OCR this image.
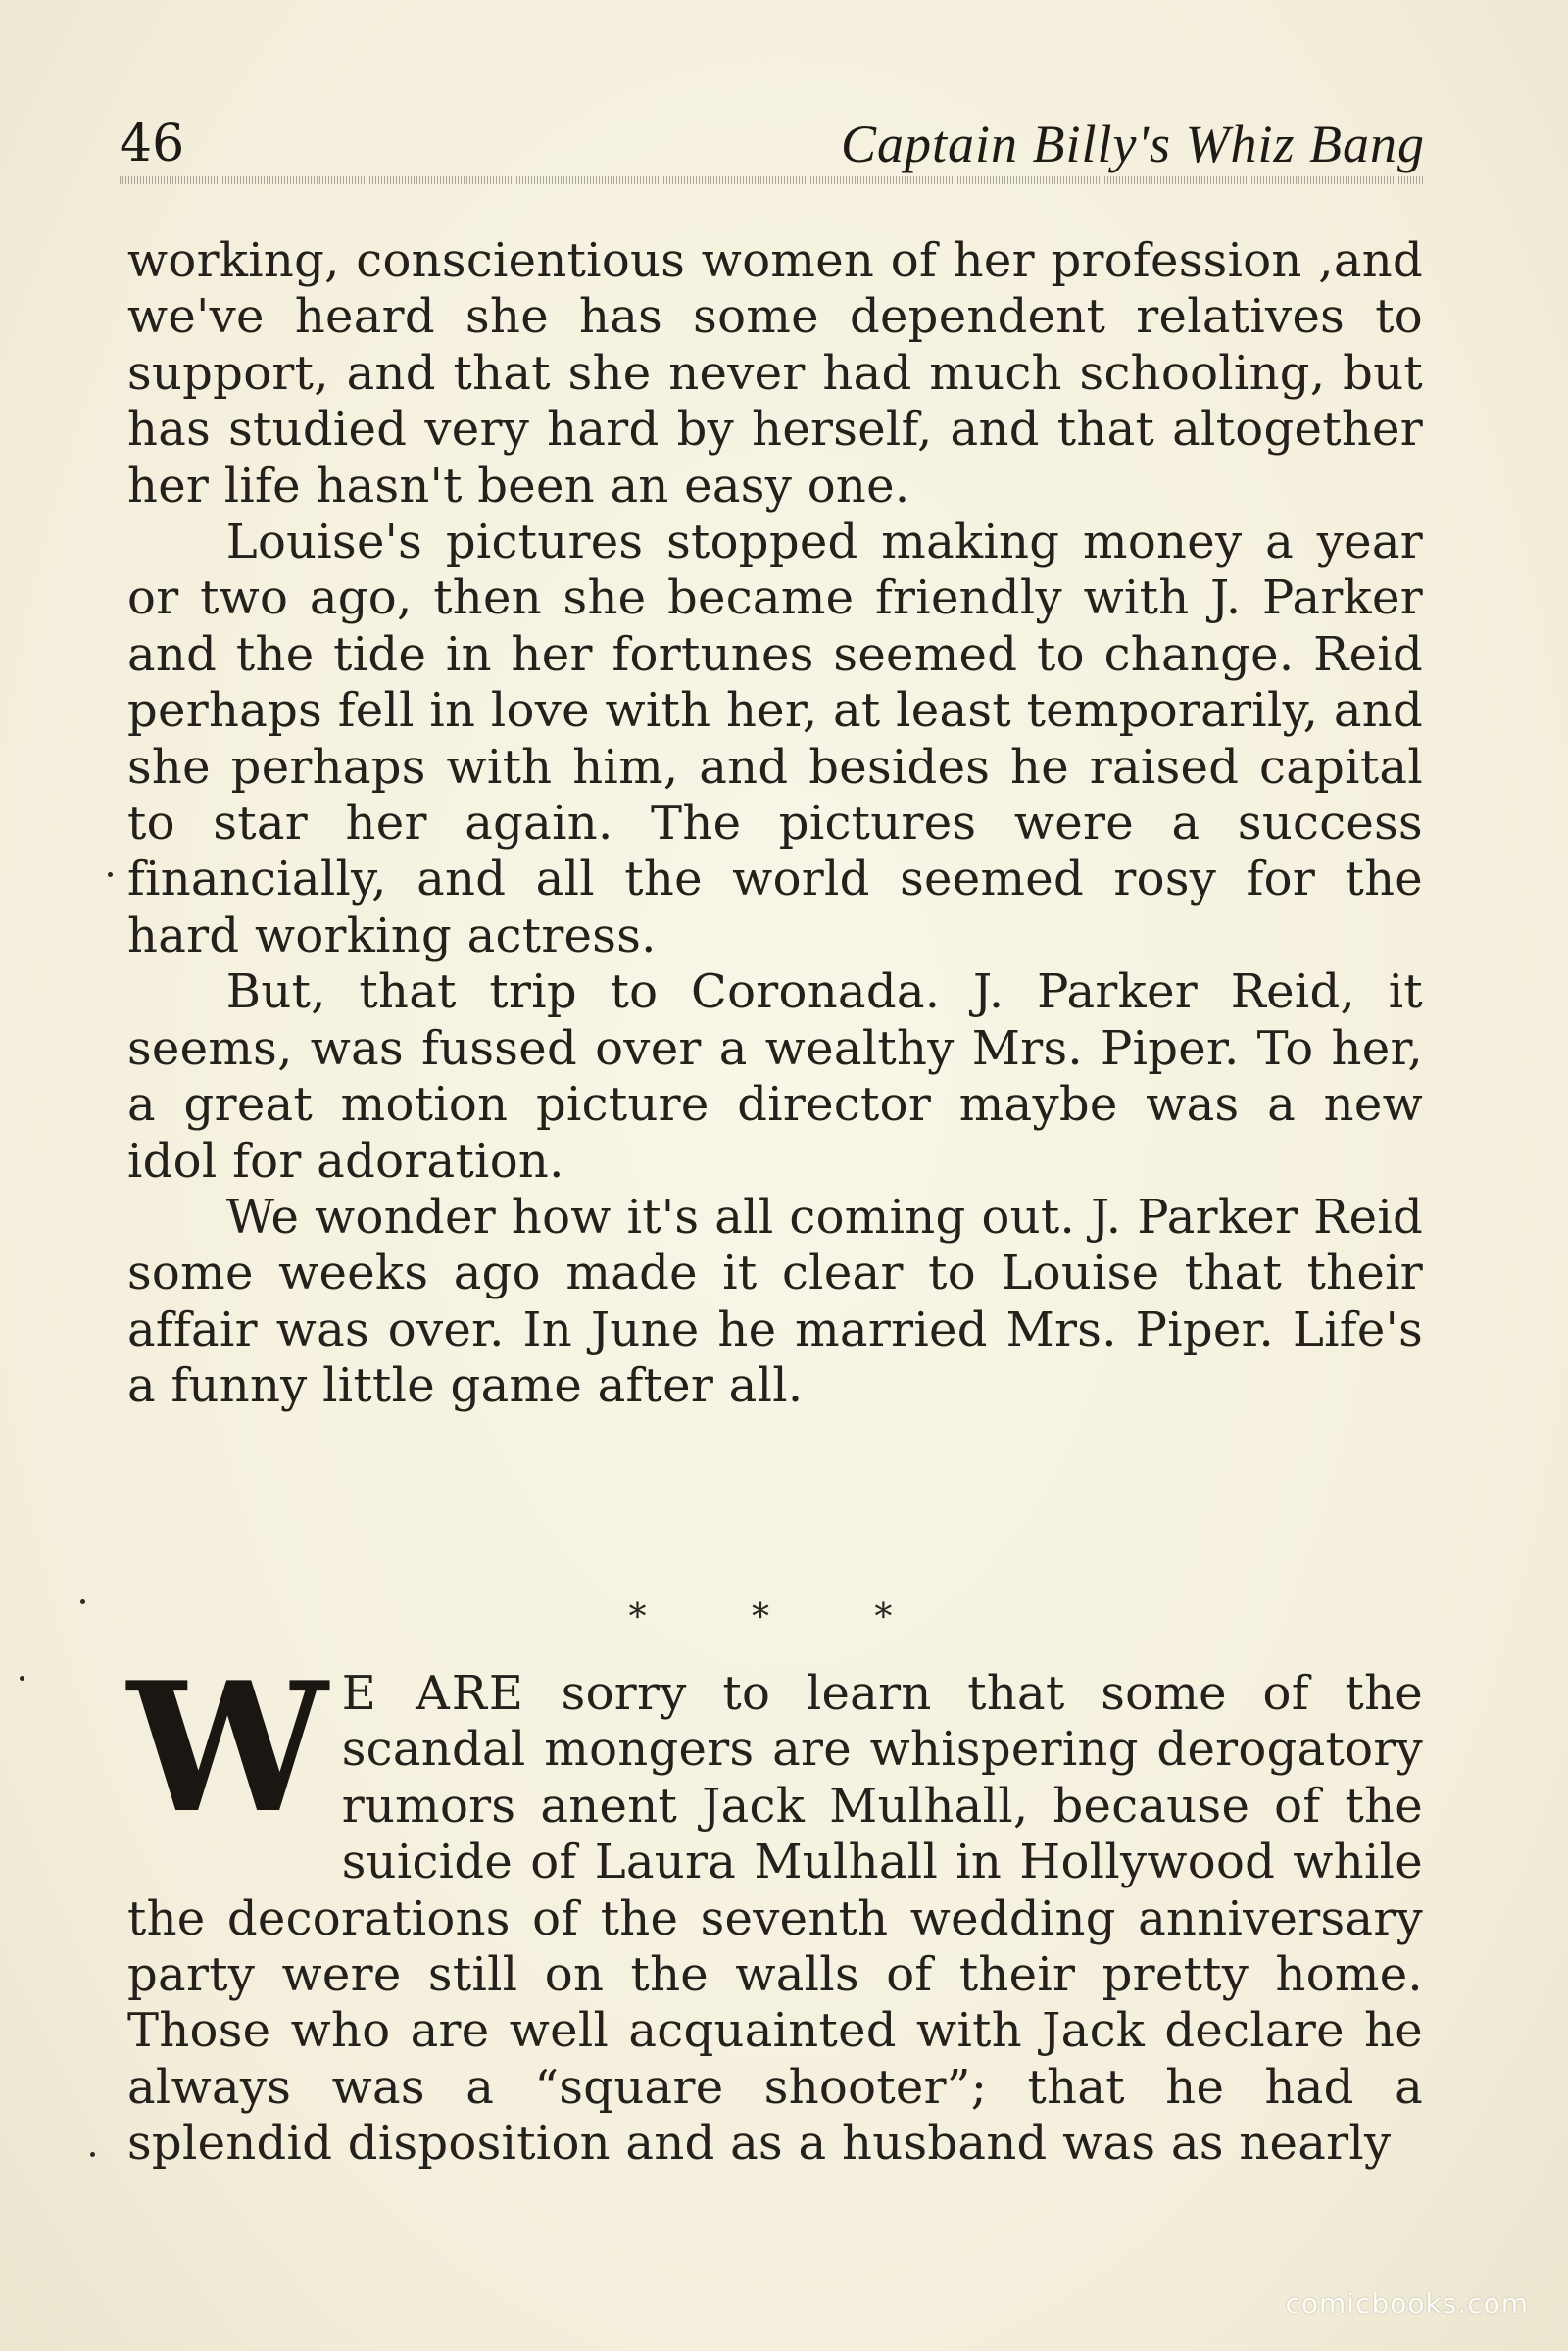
46	Captain Billy's Whiz Bang

working, conscientious women of her profession ,and we've heard she has some dependent relatives to support, and that she never had much schooling, but has studied very hard by herself, and that altogether her life hasn't been an easy one.

Louise's pictures stopped making money a year or two ago, then she became friendly with J. Parker and the tide in her fortunes seemed to change. Reid perhaps fell in love with her, at least temporarily, and she perhaps with him, and besides he raised capital to star her again. The pictures were a success financially, and all the world seemed rosy for the hard working actress.

But, that trip to Coronada. J. Parker Reid, it seems, was fussed over a wealthy Mrs. Piper. To her, a great motion picture director maybe was a new idol for adoration.

We wonder how it's all coming out. J. Parker Reid some weeks ago made it clear to Louise that their affair was over. In June he married Mrs. Piper. Life's a funny little game after all.

* * *
W E ARE sorry to learn that some of the scandal mongers are whispering derogatory rumors anent Jack Mulhall, because of the suicide of Laura Mulhall in Hollywood while the decorations of the seventh wedding anniversary party were still on the walls of their pretty home. Those who are well acquainted with Jack declare he always was a “square shooter”; that he had a splendid disposition and as a husband was as nearly
comicbooks.com
